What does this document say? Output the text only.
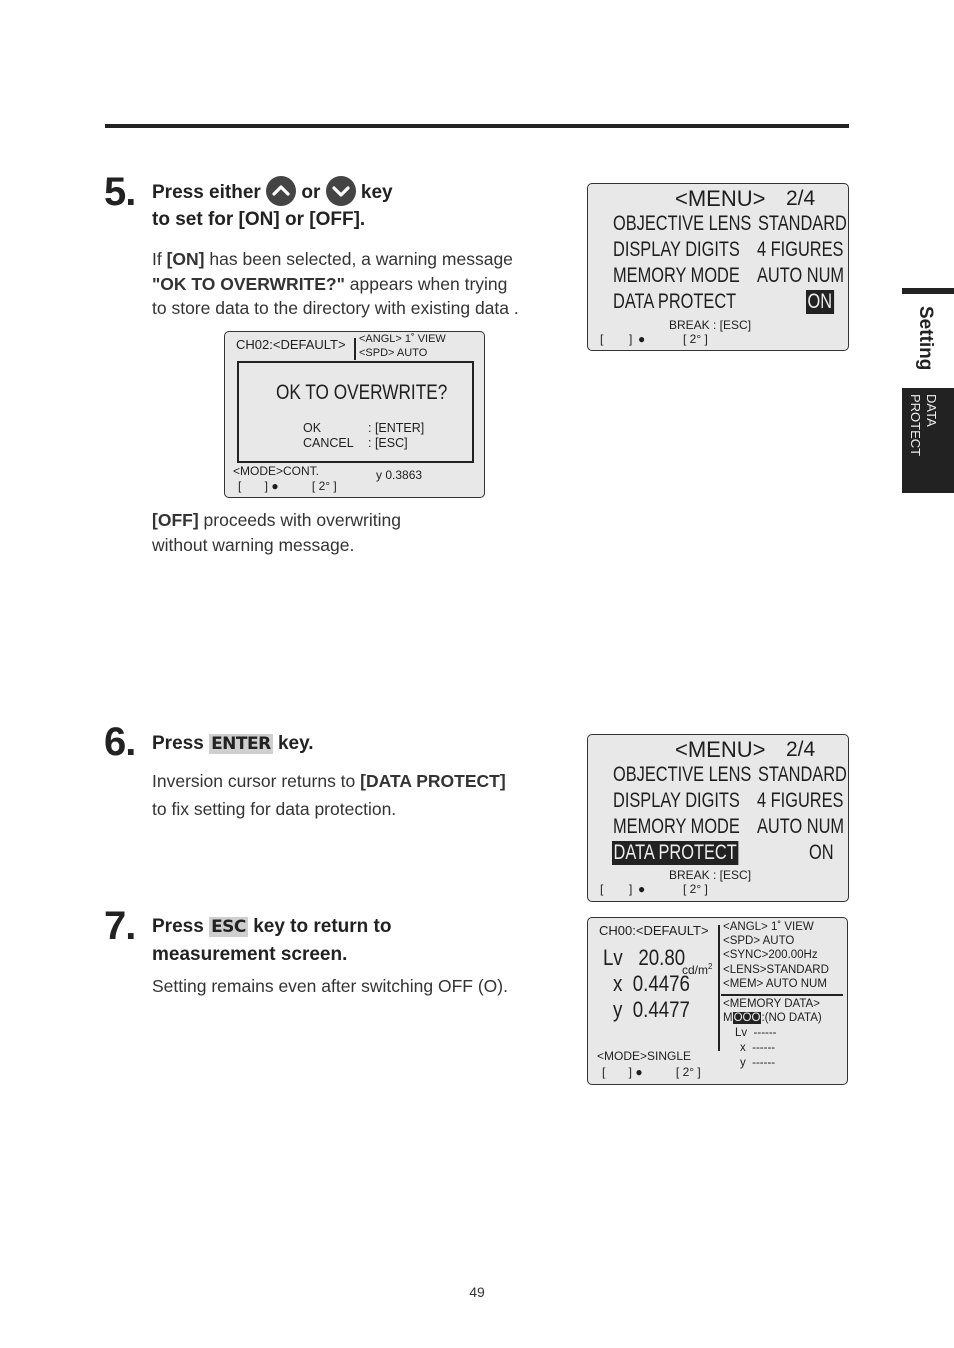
5. Press either or key
to set for [ON] or [OFF].
If [ON] has been selected, a warning message
"OK TO OVERWRITE?" appears when trying
to store data to the directory with existing data .
CH02:<DEFAULT> <ANGL> 1˚ VIEW
<SPD> AUTO
OK TO OVERWRITE?
OK	: [ENTER]
CANCEL : [ESC]
<MODE>CONT.	y 0.3863
[       ] ●          [ 2° ]
[OFF] proceeds with overwriting
without warning message.
<MENU> 2/4
OBJECTIVE LENS STANDARD
DISPLAY DIGITS 4 FIGURES
MEMORY MODE AUTO NUM
DATA PROTECT	ON
BREAK : [ESC]
[ ] ●	[ 2° ]
6. Press ENTER key.
Inversion cursor returns to [DATA PROTECT]
to fix setting for data protection.
<MENU> 2/4
OBJECTIVE LENS STANDARD
DISPLAY DIGITS 4 FIGURES
MEMORY MODE AUTO NUM
DATA PROTECT	ON
BREAK : [ESC]
[ ] ●	[ 2° ]
7. Press ESC key to return to
measurement screen.
Setting remains even after switching OFF (O).
CH00:<DEFAULT>
Lv   20.80
$cd/m^2$
x  0.4476
y  0.4477
<ANGL> 1˚ VIEW
<SPD> AUTO
<SYNC>200.00Hz
<LENS>STANDARD
<MEM> AUTO NUM
<MEMORY DATA>
MOOO:(NO DATA)
Lv  ------
x  ------
y  ------
<MODE>SINGLE
[       ] ●          [ 2° ]
Setting
DATA
PROTECT
49
